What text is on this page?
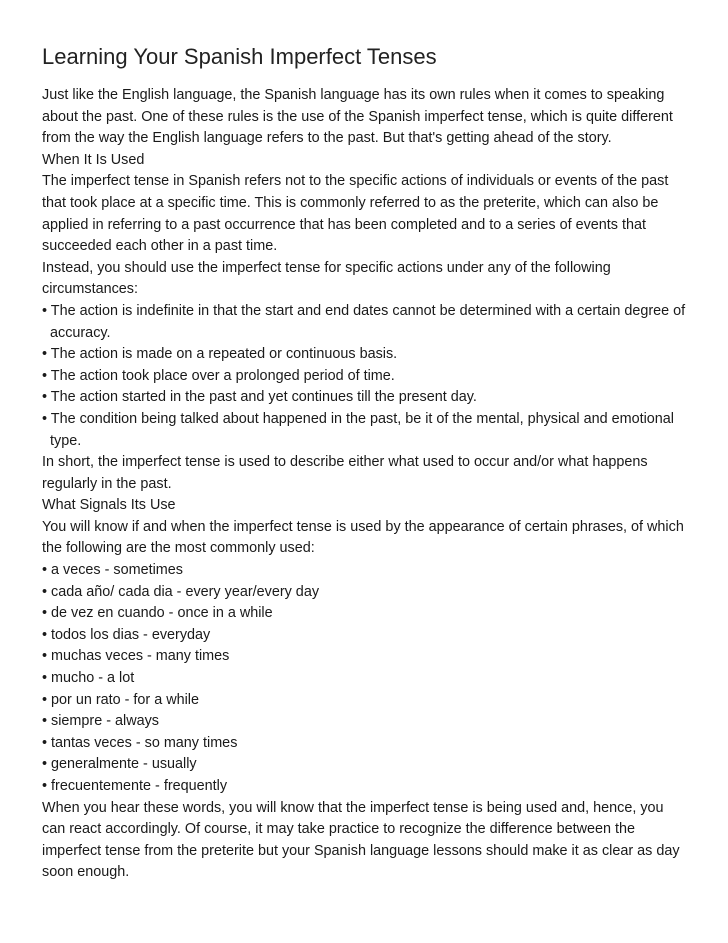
Learning Your Spanish Imperfect Tenses

Just like the English language, the Spanish language has its own rules when it comes to speaking

about the past. One of these rules is the use of the Spanish imperfect tense, which is quite different

from the way the English language refers to the past. But that's getting ahead of the story.

When It Is Used

The imperfect tense in Spanish refers not to the specific actions of individuals or events of the past

that took place at a specific time. This is commonly referred to as the preterite, which can also be

applied in referring to a past occurrence that has been completed and to a series of events that

succeeded each other in a past time.

Instead, you should use the imperfect tense for specific actions under any of the following

circumstances:

• The action is indefinite in that the start and end dates cannot be determined with a certain degree of

accuracy.

• The action is made on a repeated or continuous basis.

• The action took place over a prolonged period of time.

• The action started in the past and yet continues till the present day.

• The condition being talked about happened in the past, be it of the mental, physical and emotional

type.

In short, the imperfect tense is used to describe either what used to occur and/or what happens

regularly in the past.

What Signals Its Use

You will know if and when the imperfect tense is used by the appearance of certain phrases, of which

the following are the most commonly used:

• a veces - sometimes

• cada año/ cada dia - every year/every day

• de vez en cuando - once in a while

• todos los dias - everyday

• muchas veces - many times

• mucho - a lot

• por un rato - for a while

• siempre - always

• tantas veces - so many times

• generalmente - usually

• frecuentemente - frequently

When you hear these words, you will know that the imperfect tense is being used and, hence, you

can react accordingly. Of course, it may take practice to recognize the difference between the

imperfect tense from the preterite but your Spanish language lessons should make it as clear as day

soon enough.
